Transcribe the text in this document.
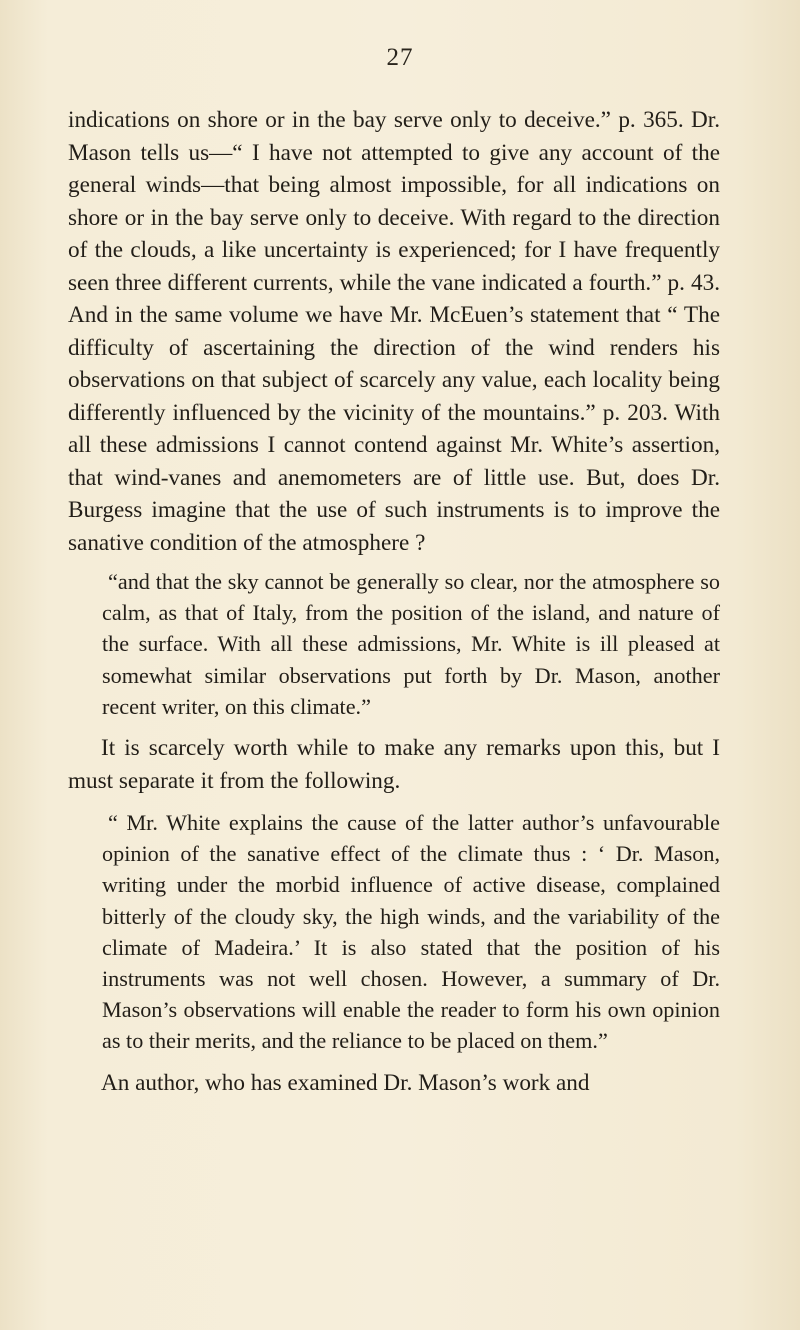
27

indications on shore or in the bay serve only to deceive.” p. 365. Dr. Mason tells us—“ I have not attempted to give any account of the general winds—that being almost impossible, for all indications on shore or in the bay serve only to deceive. With regard to the direction of the clouds, a like uncertainty is experienced; for I have frequently seen three different currents, while the vane indicated a fourth.” p. 43. And in the same volume we have Mr. McEuen’s statement that “ The difficulty of ascertaining the direction of the wind renders his observations on that subject of scarcely any value, each locality being differently influenced by the vicinity of the mountains.” p. 203. With all these admissions I cannot contend against Mr. White’s assertion, that wind-vanes and anemometers are of little use. But, does Dr. Burgess imagine that the use of such instruments is to improve the sanative condition of the atmosphere ?

“and that the sky cannot be generally so clear, nor the atmosphere so calm, as that of Italy, from the position of the island, and nature of the surface. With all these admissions, Mr. White is ill pleased at somewhat similar observations put forth by Dr. Mason, another recent writer, on this climate.”

It is scarcely worth while to make any remarks upon this, but I must separate it from the following.

“ Mr. White explains the cause of the latter author’s unfavourable opinion of the sanative effect of the climate thus : ‘ Dr. Mason, writing under the morbid influence of active disease, complained bitterly of the cloudy sky, the high winds, and the variability of the climate of Madeira.’ It is also stated that the position of his instruments was not well chosen. However, a summary of Dr. Mason’s observations will enable the reader to form his own opinion as to their merits, and the reliance to be placed on them.”

An author, who has examined Dr. Mason’s work and
